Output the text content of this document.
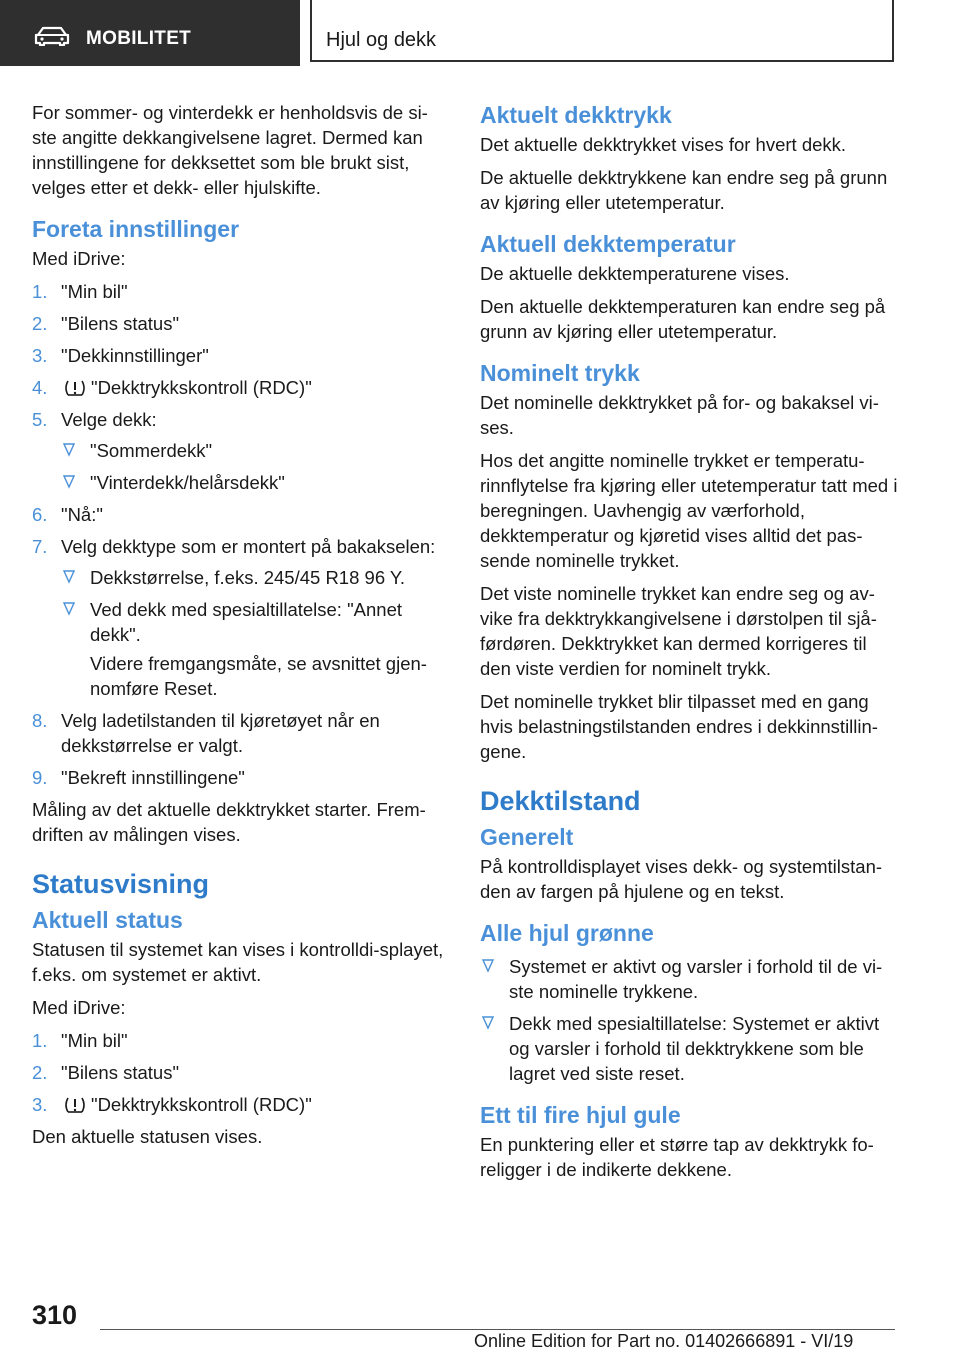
MOBILITET	Hjul og dekk

For sommer- og vinterdekk er henholdsvis de si-ste angitte dekkangivelsene lagret. Dermed kan innstillingene for dekksettet som ble brukt sist, velges etter et dekk- eller hjulskifte.

Foreta innstillinger

Med iDrive:

1. "Min bil"
2. "Bilens status"
3. "Dekkinnstillinger"
4. "Dekktrykkskontroll (RDC)"
5. Velge dekk:
"Sommerdekk"
"Vinterdekk/helårsdekk"
6. "Nå:"
7. Velg dekktype som er montert på bakakselen:
Dekkstørrelse, f.eks. 245/45 R18 96 Y.
Ved dekk med spesialtillatelse: "Annet dekk".

Videre fremgangsmåte, se avsnittet gjen-nomføre Reset.

8. Velg ladetilstanden til kjøretøyet når en dekkstørrelse er valgt.
9. "Bekreft innstillingene"

Måling av det aktuelle dekktrykket starter. Frem-driften av målingen vises.

Statusvisning
Aktuell status

Statusen til systemet kan vises i kontrolldi-splayet, f.eks. om systemet er aktivt.

Med iDrive:

1. "Min bil"
2. "Bilens status"
3. "Dekktrykkskontroll (RDC)"

Den aktuelle statusen vises.

Aktuelt dekktrykk

Det aktuelle dekktrykket vises for hvert dekk.

De aktuelle dekktrykkene kan endre seg på grunn av kjøring eller utetemperatur.

Aktuell dekktemperatur

De aktuelle dekktemperaturene vises.

Den aktuelle dekktemperaturen kan endre seg på grunn av kjøring eller utetemperatur.

Nominelt trykk

Det nominelle dekktrykket på for- og bakaksel vi-ses.

Hos det angitte nominelle trykket er temperatu-rinnflytelse fra kjøring eller utetemperatur tatt med i beregningen. Uavhengig av værforhold, dekktemperatur og kjøretid vises alltid det pas-sende nominelle trykket.

Det viste nominelle trykket kan endre seg og av-vike fra dekktrykkangivelsene i dørstolpen til sjå-førdøren. Dekktrykket kan dermed korrigeres til den viste verdien for nominelt trykk.

Det nominelle trykket blir tilpasset med en gang hvis belastningstilstanden endres i dekkinnstillin-gene.

Dekktilstand
Generelt

På kontrolldisplayet vises dekk- og systemtilstan-den av fargen på hjulene og en tekst.

Alle hjul grønne
Systemet er aktivt og varsler i forhold til de vi-ste nominelle trykkene.
Dekk med spesialtillatelse: Systemet er aktivt og varsler i forhold til dekktrykkene som ble lagret ved siste reset.
Ett til fire hjul gule

En punktering eller et større tap av dekktrykk fo-religger i de indikerte dekkene.

310
Online Edition for Part no. 01402666891 - VI/19
